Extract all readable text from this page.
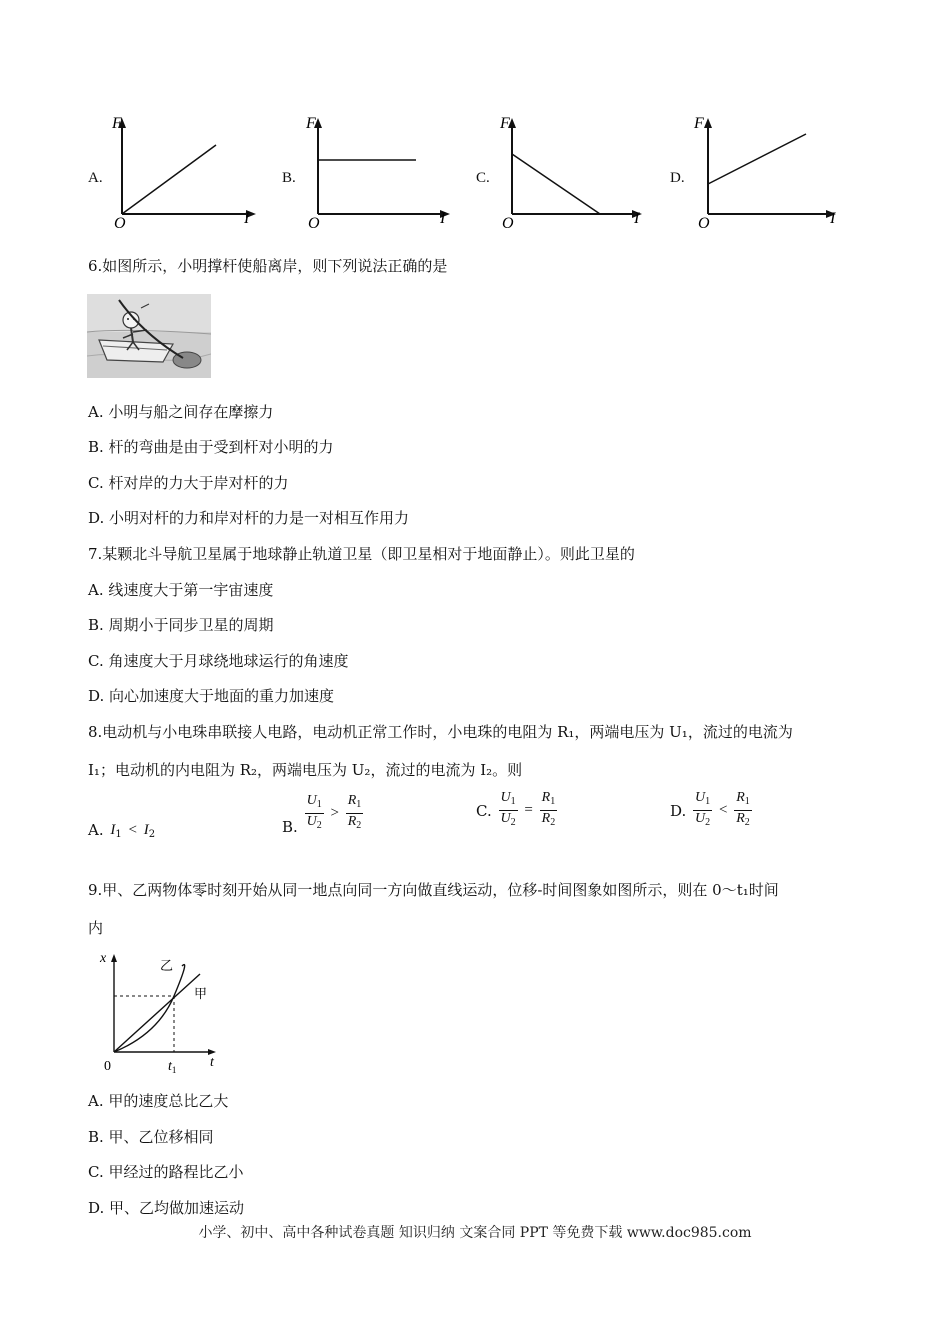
A.
F
I
O
B.
F
I
O
C.
F
I
O
D.
F
I
O
6.如图所示，小明撑杆使船离岸，则下列说法正确的是
A. 小明与船之间存在摩擦力
B. 杆的弯曲是由于受到杆对小明的力
C. 杆对岸的力大于岸对杆的力
D. 小明对杆的力和岸对杆的力是一对相互作用力
7.某颗北斗导航卫星属于地球静止轨道卫星（即卫星相对于地面静止）。则此卫星的
A. 线速度大于第一宇宙速度
B. 周期小于同步卫星的周期
C. 角速度大于月球绕地球运行的角速度
D. 向心加速度大于地面的重力加速度
8.电动机与小电珠串联接人电路，电动机正常工作时，小电珠的电阻为 R₁，两端电压为 U₁，流过的电流为
I₁；电动机的内电阻为 R₂，两端电压为 U₂，流过的电流为 I₂。则
A. $I_1 < I_2$	B. $\frac{U_1}{U_2} > \frac{R_1}{R_2}$	C. $\frac{U_1}{U_2} = \frac{R_1}{R_2}$	D. $\frac{U_1}{U_2} < \frac{R_1}{R_2}$
9.甲、乙两物体零时刻开始从同一地点向同一方向做直线运动，位移-时间图象如图所示，则在 0～t₁时间
内
x
t
0	$t_1$
乙
甲
A. 甲的速度总比乙大
B. 甲、乙位移相同
C. 甲经过的路程比乙小
D. 甲、乙均做加速运动
小学、初中、高中各种试卷真题 知识归纳 文案合同 PPT 等免费下载 www.doc985.com
